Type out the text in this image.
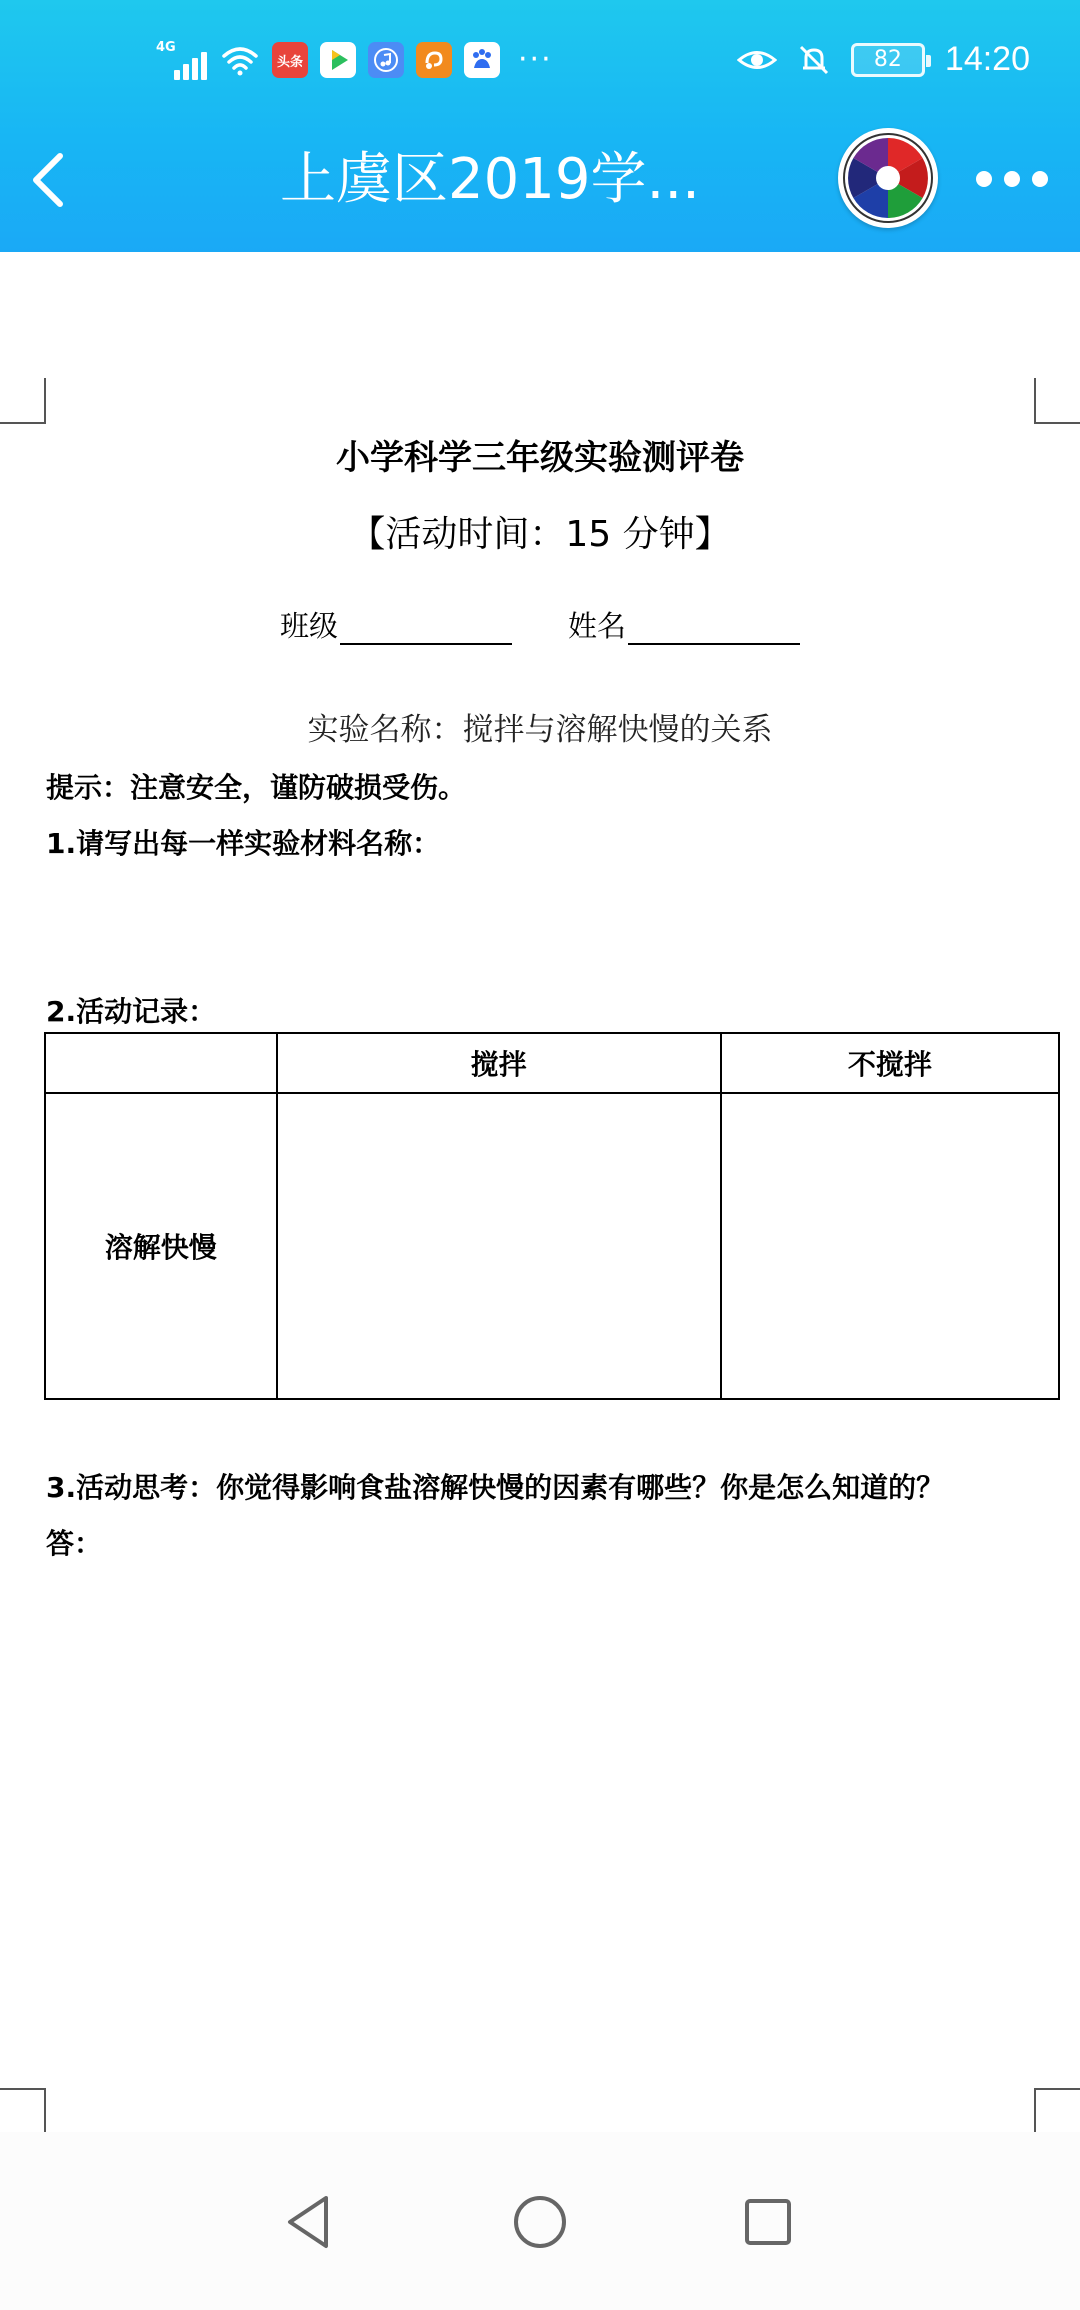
4G
头条	···	82 14:20
上虞区2019学...
小学科学三年级实验测评卷
【活动时间：15 分钟】
班级	姓名
实验名称：搅拌与溶解快慢的关系
提示：注意安全，谨防破损受伤。
1.请写出每一样实验材料名称：
2.活动记录：
	搅拌	不搅拌
溶解快慢		
3.活动思考：你觉得影响食盐溶解快慢的因素有哪些？你是怎么知道的？
答：
